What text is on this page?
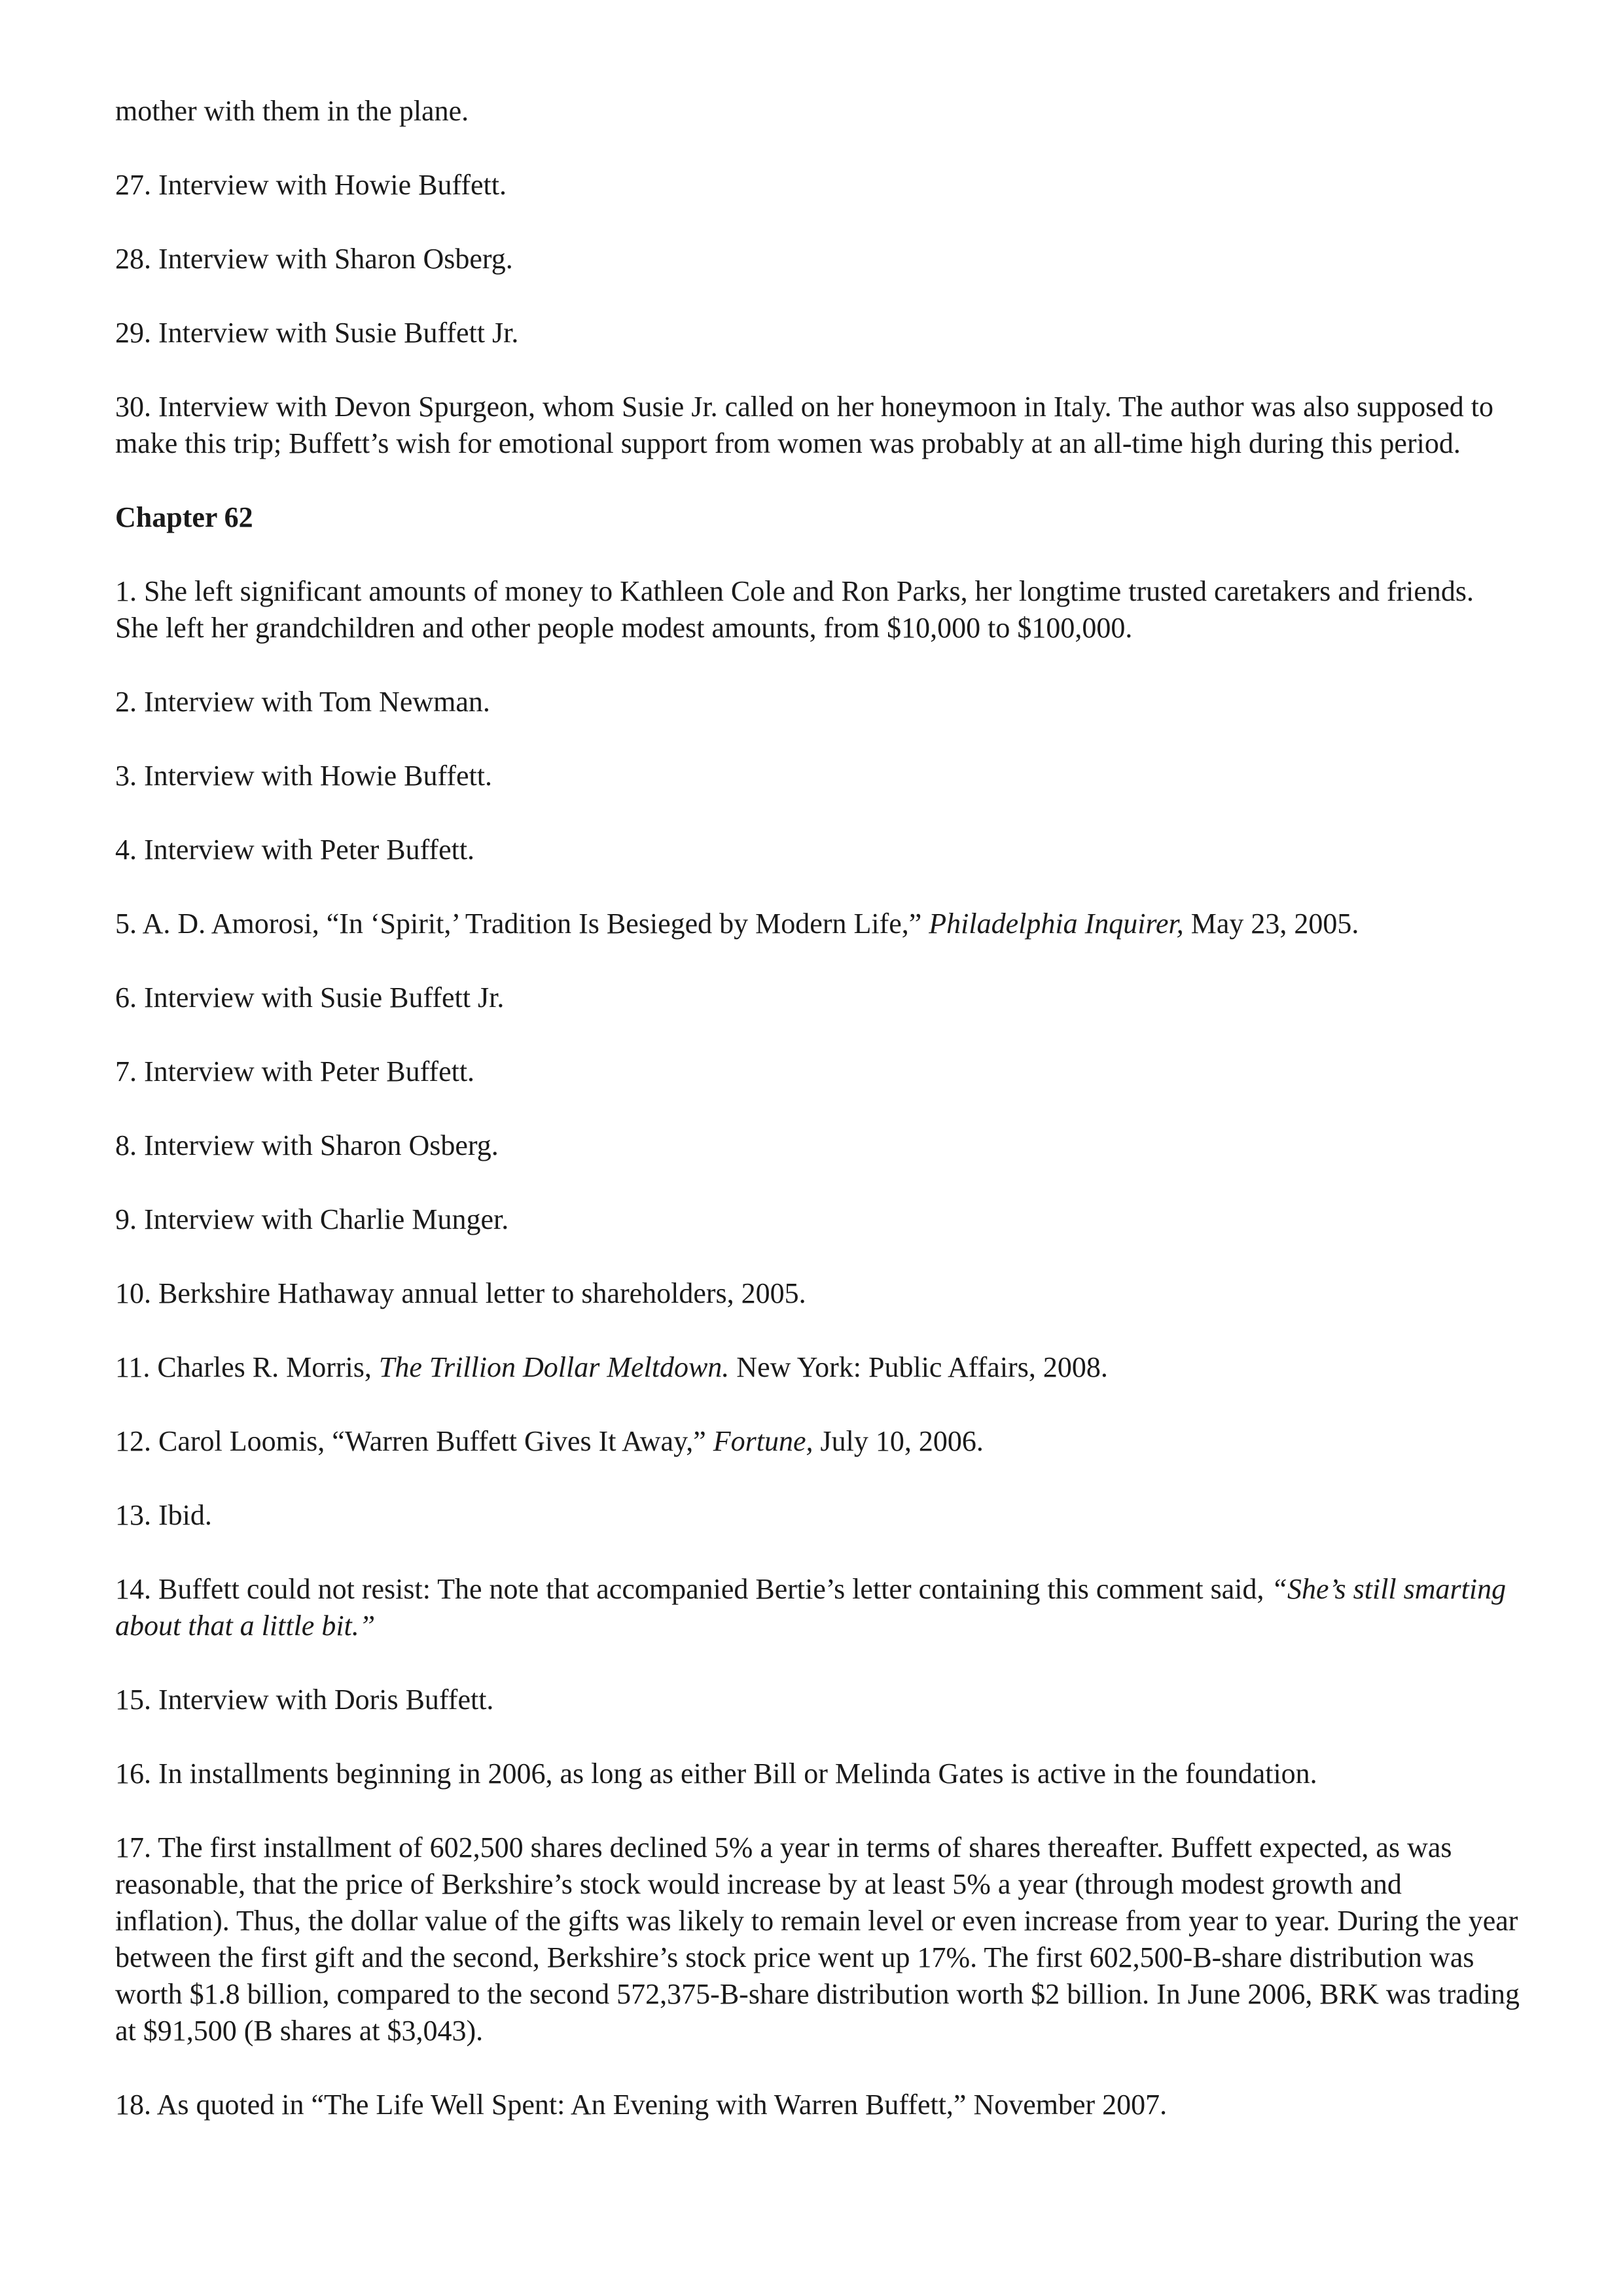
mother with them in the plane.

27. Interview with Howie Buffett.

28. Interview with Sharon Osberg.

29. Interview with Susie Buffett Jr.

30. Interview with Devon Spurgeon, whom Susie Jr. called on her honeymoon in Italy. The author was also supposed to make this trip; Buffett’s wish for emotional support from women was probably at an all-time high during this period.

Chapter 62

1. She left significant amounts of money to Kathleen Cole and Ron Parks, her longtime trusted caretakers and friends. She left her grandchildren and other people modest amounts, from $10,000 to $100,000.

2. Interview with Tom Newman.

3. Interview with Howie Buffett.

4. Interview with Peter Buffett.

5. A. D. Amorosi, “In ‘Spirit,’ Tradition Is Besieged by Modern Life,” Philadelphia Inquirer, May 23, 2005.

6. Interview with Susie Buffett Jr.

7. Interview with Peter Buffett.

8. Interview with Sharon Osberg.

9. Interview with Charlie Munger.

10. Berkshire Hathaway annual letter to shareholders, 2005.

11. Charles R. Morris, The Trillion Dollar Meltdown. New York: Public Affairs, 2008.

12. Carol Loomis, “Warren Buffett Gives It Away,” Fortune, July 10, 2006.

13. Ibid.

14. Buffett could not resist: The note that accompanied Bertie’s letter containing this comment said, “She’s still smarting about that a little bit.”

15. Interview with Doris Buffett.

16. In installments beginning in 2006, as long as either Bill or Melinda Gates is active in the foundation.

17. The first installment of 602,500 shares declined 5% a year in terms of shares thereafter. Buffett expected, as was reasonable, that the price of Berkshire’s stock would increase by at least 5% a year (through modest growth and inflation). Thus, the dollar value of the gifts was likely to remain level or even increase from year to year. During the year between the first gift and the second, Berkshire’s stock price went up 17%. The first 602,500-B-share distribution was worth $1.8 billion, compared to the second 572,375-B-share distribution worth $2 billion. In June 2006, BRK was trading at $91,500 (B shares at $3,043).

18. As quoted in “The Life Well Spent: An Evening with Warren Buffett,” November 2007.
